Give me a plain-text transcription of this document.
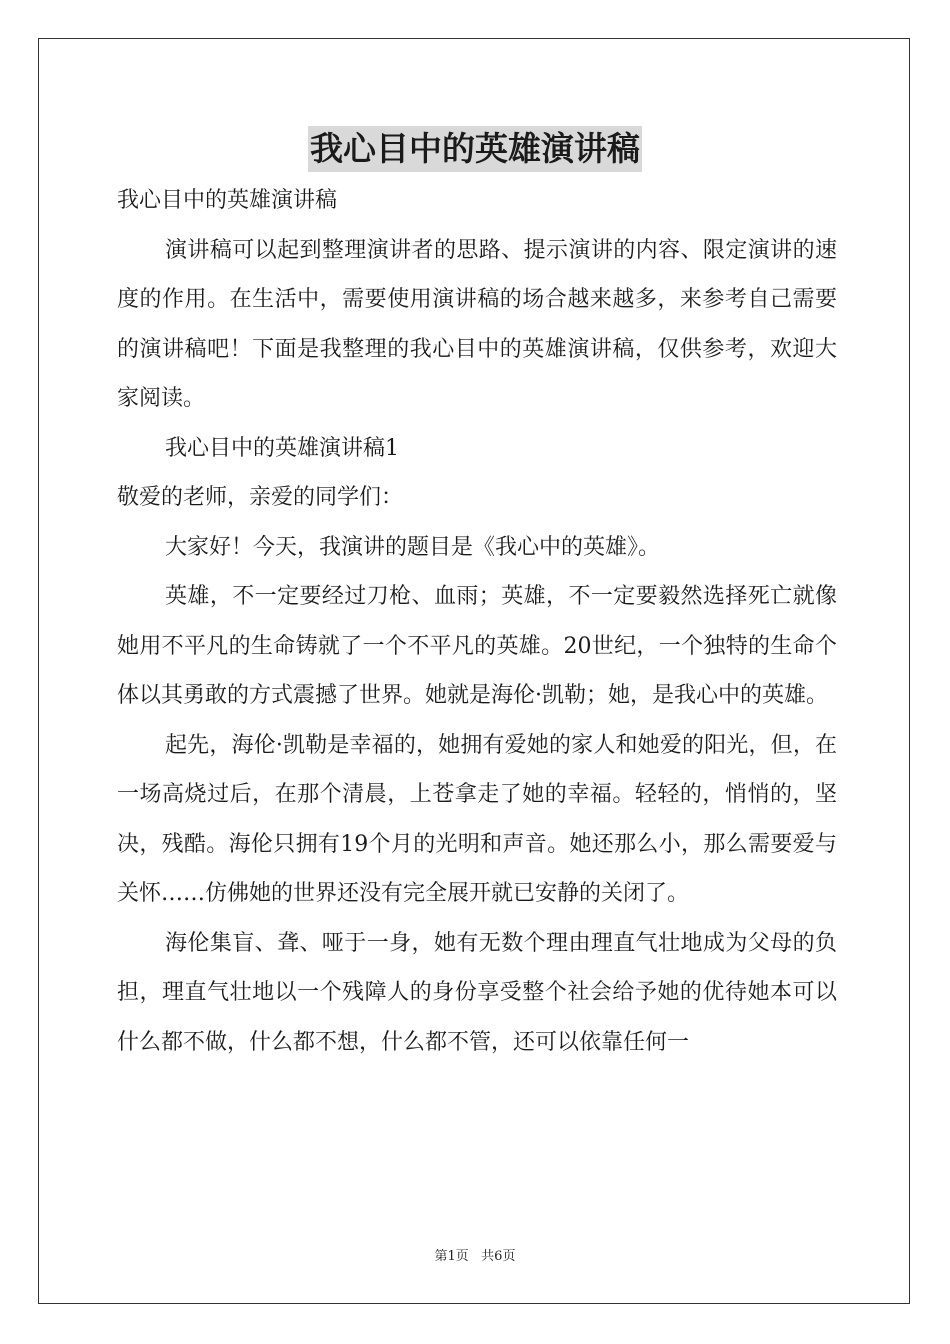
我心目中的英雄演讲稿

我心目中的英雄演讲稿

演讲稿可以起到整理演讲者的思路、提示演讲的内容、限定演讲的速度的作用。在生活中，需要使用演讲稿的场合越来越多，来参考自己需要的演讲稿吧！下面是我整理的我心目中的英雄演讲稿，仅供参考，欢迎大家阅读。

我心目中的英雄演讲稿1

敬爱的老师，亲爱的同学们：

大家好！今天，我演讲的题目是《我心中的英雄》。

英雄，不一定要经过刀枪、血雨；英雄，不一定要毅然选择死亡就像她用不平凡的生命铸就了一个不平凡的英雄。20世纪，一个独特的生命个体以其勇敢的方式震撼了世界。她就是海伦·凯勒；她，是我心中的英雄。

起先，海伦·凯勒是幸福的，她拥有爱她的家人和她爱的阳光，但，在一场高烧过后，在那个清晨，上苍拿走了她的幸福。轻轻的，悄悄的，坚决，残酷。海伦只拥有19个月的光明和声音。她还那么小，那么需要爱与关怀……仿佛她的世界还没有完全展开就已安静的关闭了。

海伦集盲、聋、哑于一身，她有无数个理由理直气壮地成为父母的负担，理直气壮地以一个残障人的身份享受整个社会给予她的优待她本可以什么都不做，什么都不想，什么都不管，还可以依靠任何一

第1页   共6页
